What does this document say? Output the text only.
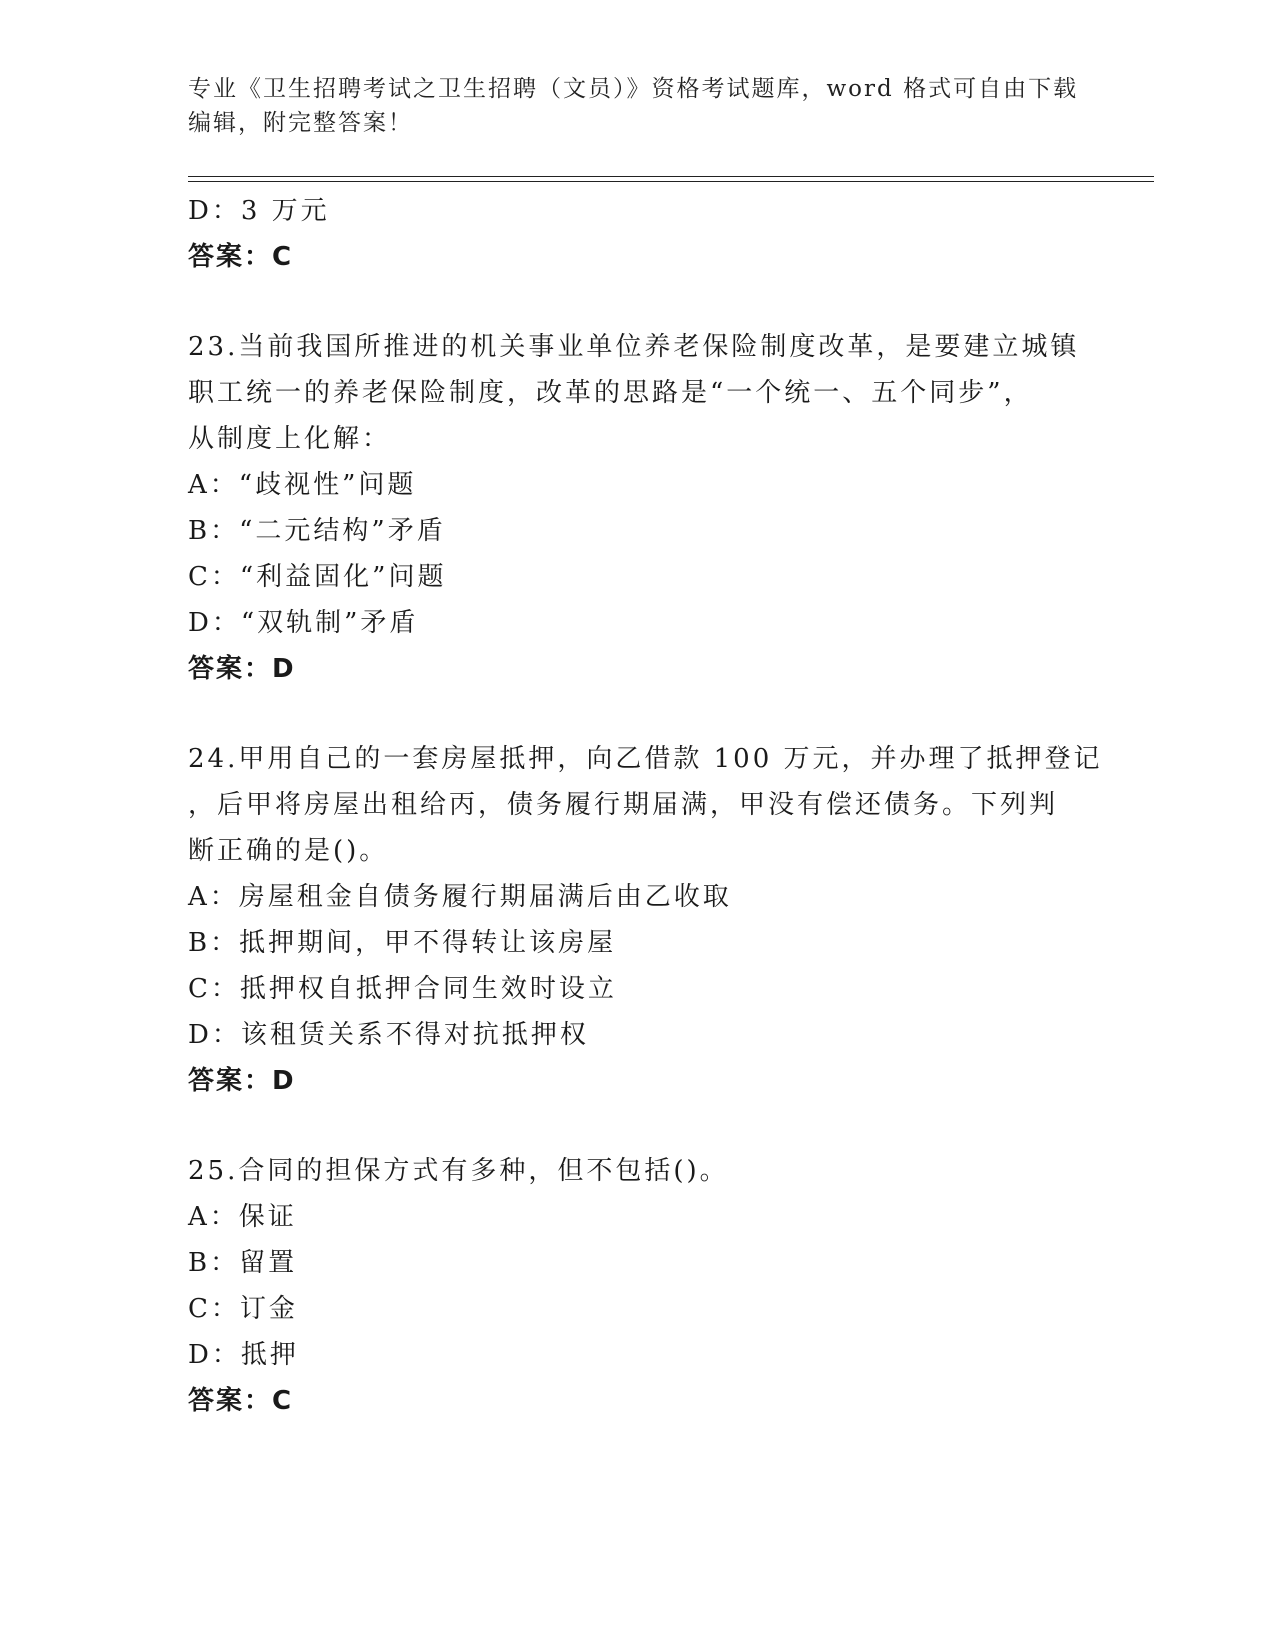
专业《卫生招聘考试之卫生招聘（文员）》资格考试题库，word 格式可自由下载
编辑，附完整答案！
D：3 万元
答案：C
23.当前我国所推进的机关事业单位养老保险制度改革，是要建立城镇
职工统一的养老保险制度，改革的思路是“一个统一、五个同步”，
从制度上化解：
A：“歧视性”问题
B：“二元结构”矛盾
C：“利益固化”问题
D：“双轨制”矛盾
答案：D
24.甲用自己的一套房屋抵押，向乙借款 100 万元，并办理了抵押登记
，后甲将房屋出租给丙，债务履行期届满，甲没有偿还债务。下列判
断正确的是()。
A：房屋租金自债务履行期届满后由乙收取
B：抵押期间，甲不得转让该房屋
C：抵押权自抵押合同生效时设立
D：该租赁关系不得对抗抵押权
答案：D
25.合同的担保方式有多种，但不包括()。
A：保证
B：留置
C：订金
D：抵押
答案：C
